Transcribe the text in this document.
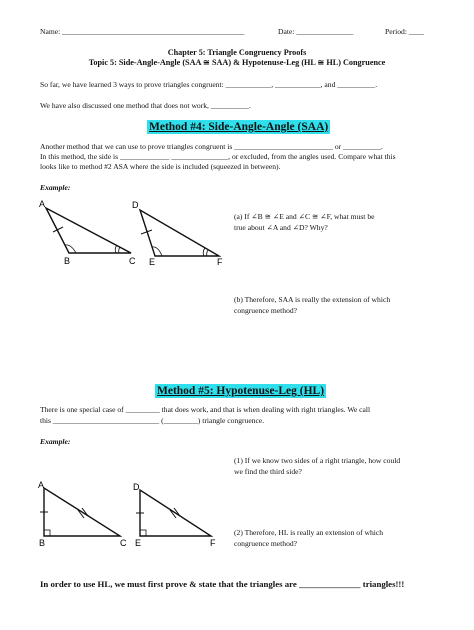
Name: ________________________________________________	Date: _______________	Period: ____
Chapter 5: Triangle Congruency Proofs
Topic 5: Side-Angle-Angle (SAA ≅ SAA) & Hypotenuse-Leg (HL ≅ HL) Congruence
So far, we have learned 3 ways to prove triangles congruent: ____________, ____________, and __________.
We have also discussed one method that does not work, __________.
Method #4: Side-Angle-Angle (SAA)
Another method that we can use to prove triangles congruent is __________________________ or __________.
In this method, the side is _____________ _______________, or excluded, from the angles used. Compare what this
looks like to method #2 ASA where the side is included (squeezed in between).
Example:
A
B	C
D
E	F
(a) If ∠B ≅ ∠E and ∠C ≅ ∠F, what must be
true about ∠A and ∠D? Why?
(b) Therefore, SAA is really the extension of which
congruence method?
Method #5: Hypotenuse-Leg (HL)
There is one special case of _________ that does work, and that is when dealing with right triangles. We call
this ____________________________ (_________) triangle congruence.
Example:
A
B	C
D
E	F
(1) If we know two sides of a right triangle, how could
we find the third side?
(2) Therefore, HL is really an extension of which
congruence method?
In order to use HL, we must first prove & state that the triangles are ______________ triangles!!!
